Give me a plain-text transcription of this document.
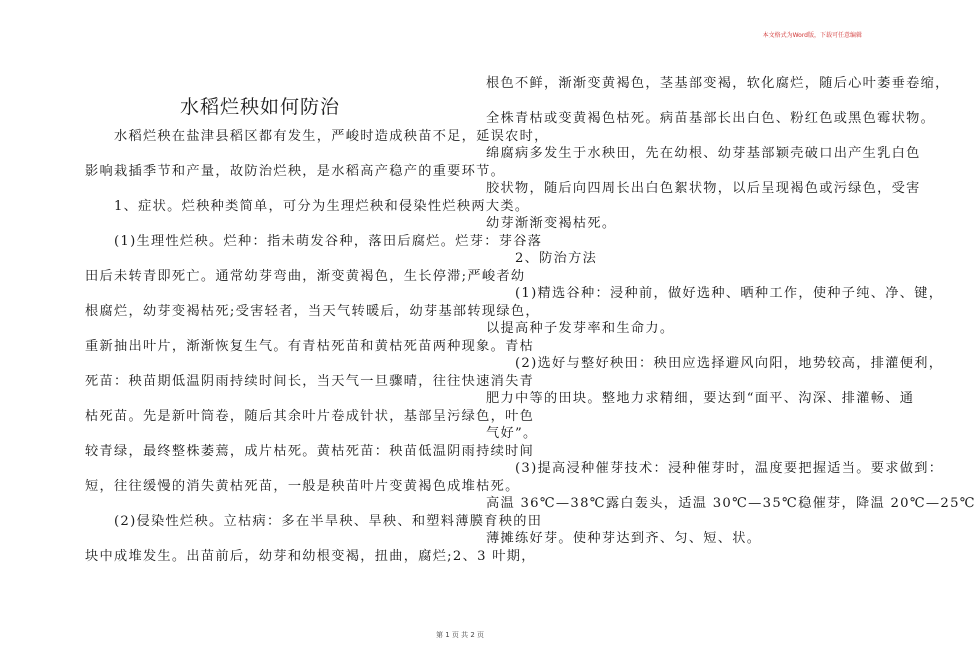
本文格式为Word版，下载可任意编辑
水稻烂秧如何防治
　　水稻烂秧在盐津县稻区都有发生，严峻时造成秧苗不足，延误农时，
影响栽插季节和产量，故防治烂秧，是水稻高产稳产的重要环节。
　　1、症状。烂秧种类简单，可分为生理烂秧和侵染性烂秧两大类。
　　(1)生理性烂秧。烂种：指未萌发谷种，落田后腐烂。烂芽：芽谷落
田后未转青即死亡。通常幼芽弯曲，渐变黄褐色，生长停滞;严峻者幼
根腐烂，幼芽变褐枯死;受害轻者，当天气转暖后，幼芽基部转现绿色，
重新抽出叶片，渐渐恢复生气。有青枯死苗和黄枯死苗两种现象。青枯
死苗：秧苗期低温阴雨持续时间长，当天气一旦骤晴，往往快速消失青
枯死苗。先是新叶筒卷，随后其余叶片卷成针状，基部呈污绿色，叶色
较青绿，最终整株萎蔫，成片枯死。黄枯死苗：秧苗低温阴雨持续时间
短，往往缓慢的消失黄枯死苗，一般是秧苗叶片变黄褐色成堆枯死。
　　(2)侵染性烂秧。立枯病：多在半旱秧、旱秧、和塑料薄膜育秧的田
块中成堆发生。出苗前后，幼芽和幼根变褐，扭曲，腐烂;2、3 叶期，
根色不鲜，渐渐变黄褐色，茎基部变褐，软化腐烂，随后心叶萎垂卷缩，
全株青枯或变黄褐色枯死。病苗基部长出白色、粉红色或黑色霉状物。
绵腐病多发生于水秧田，先在幼根、幼芽基部颖壳破口出产生乳白色
胶状物，随后向四周长出白色絮状物，以后呈现褐色或污绿色，受害
幼芽渐渐变褐枯死。
　　2、防治方法
　　(1)精选谷种：浸种前，做好选种、晒种工作，使种子纯、净、键，
以提高种子发芽率和生命力。
　　(2)选好与整好秧田：秧田应选择避风向阳，地势较高，排灌便利，
肥力中等的田块。整地力求精细，要达到“面平、沟深、排灌畅、通
气好”。
　　(3)提高浸种催芽技术：浸种催芽时，温度要把握适当。要求做到：
高温 36℃—38℃露白轰头，适温 30℃—35℃稳催芽，降温 20℃—25℃
薄摊练好芽。使种芽达到齐、匀、短、状。
第 1 页 共 2 页
